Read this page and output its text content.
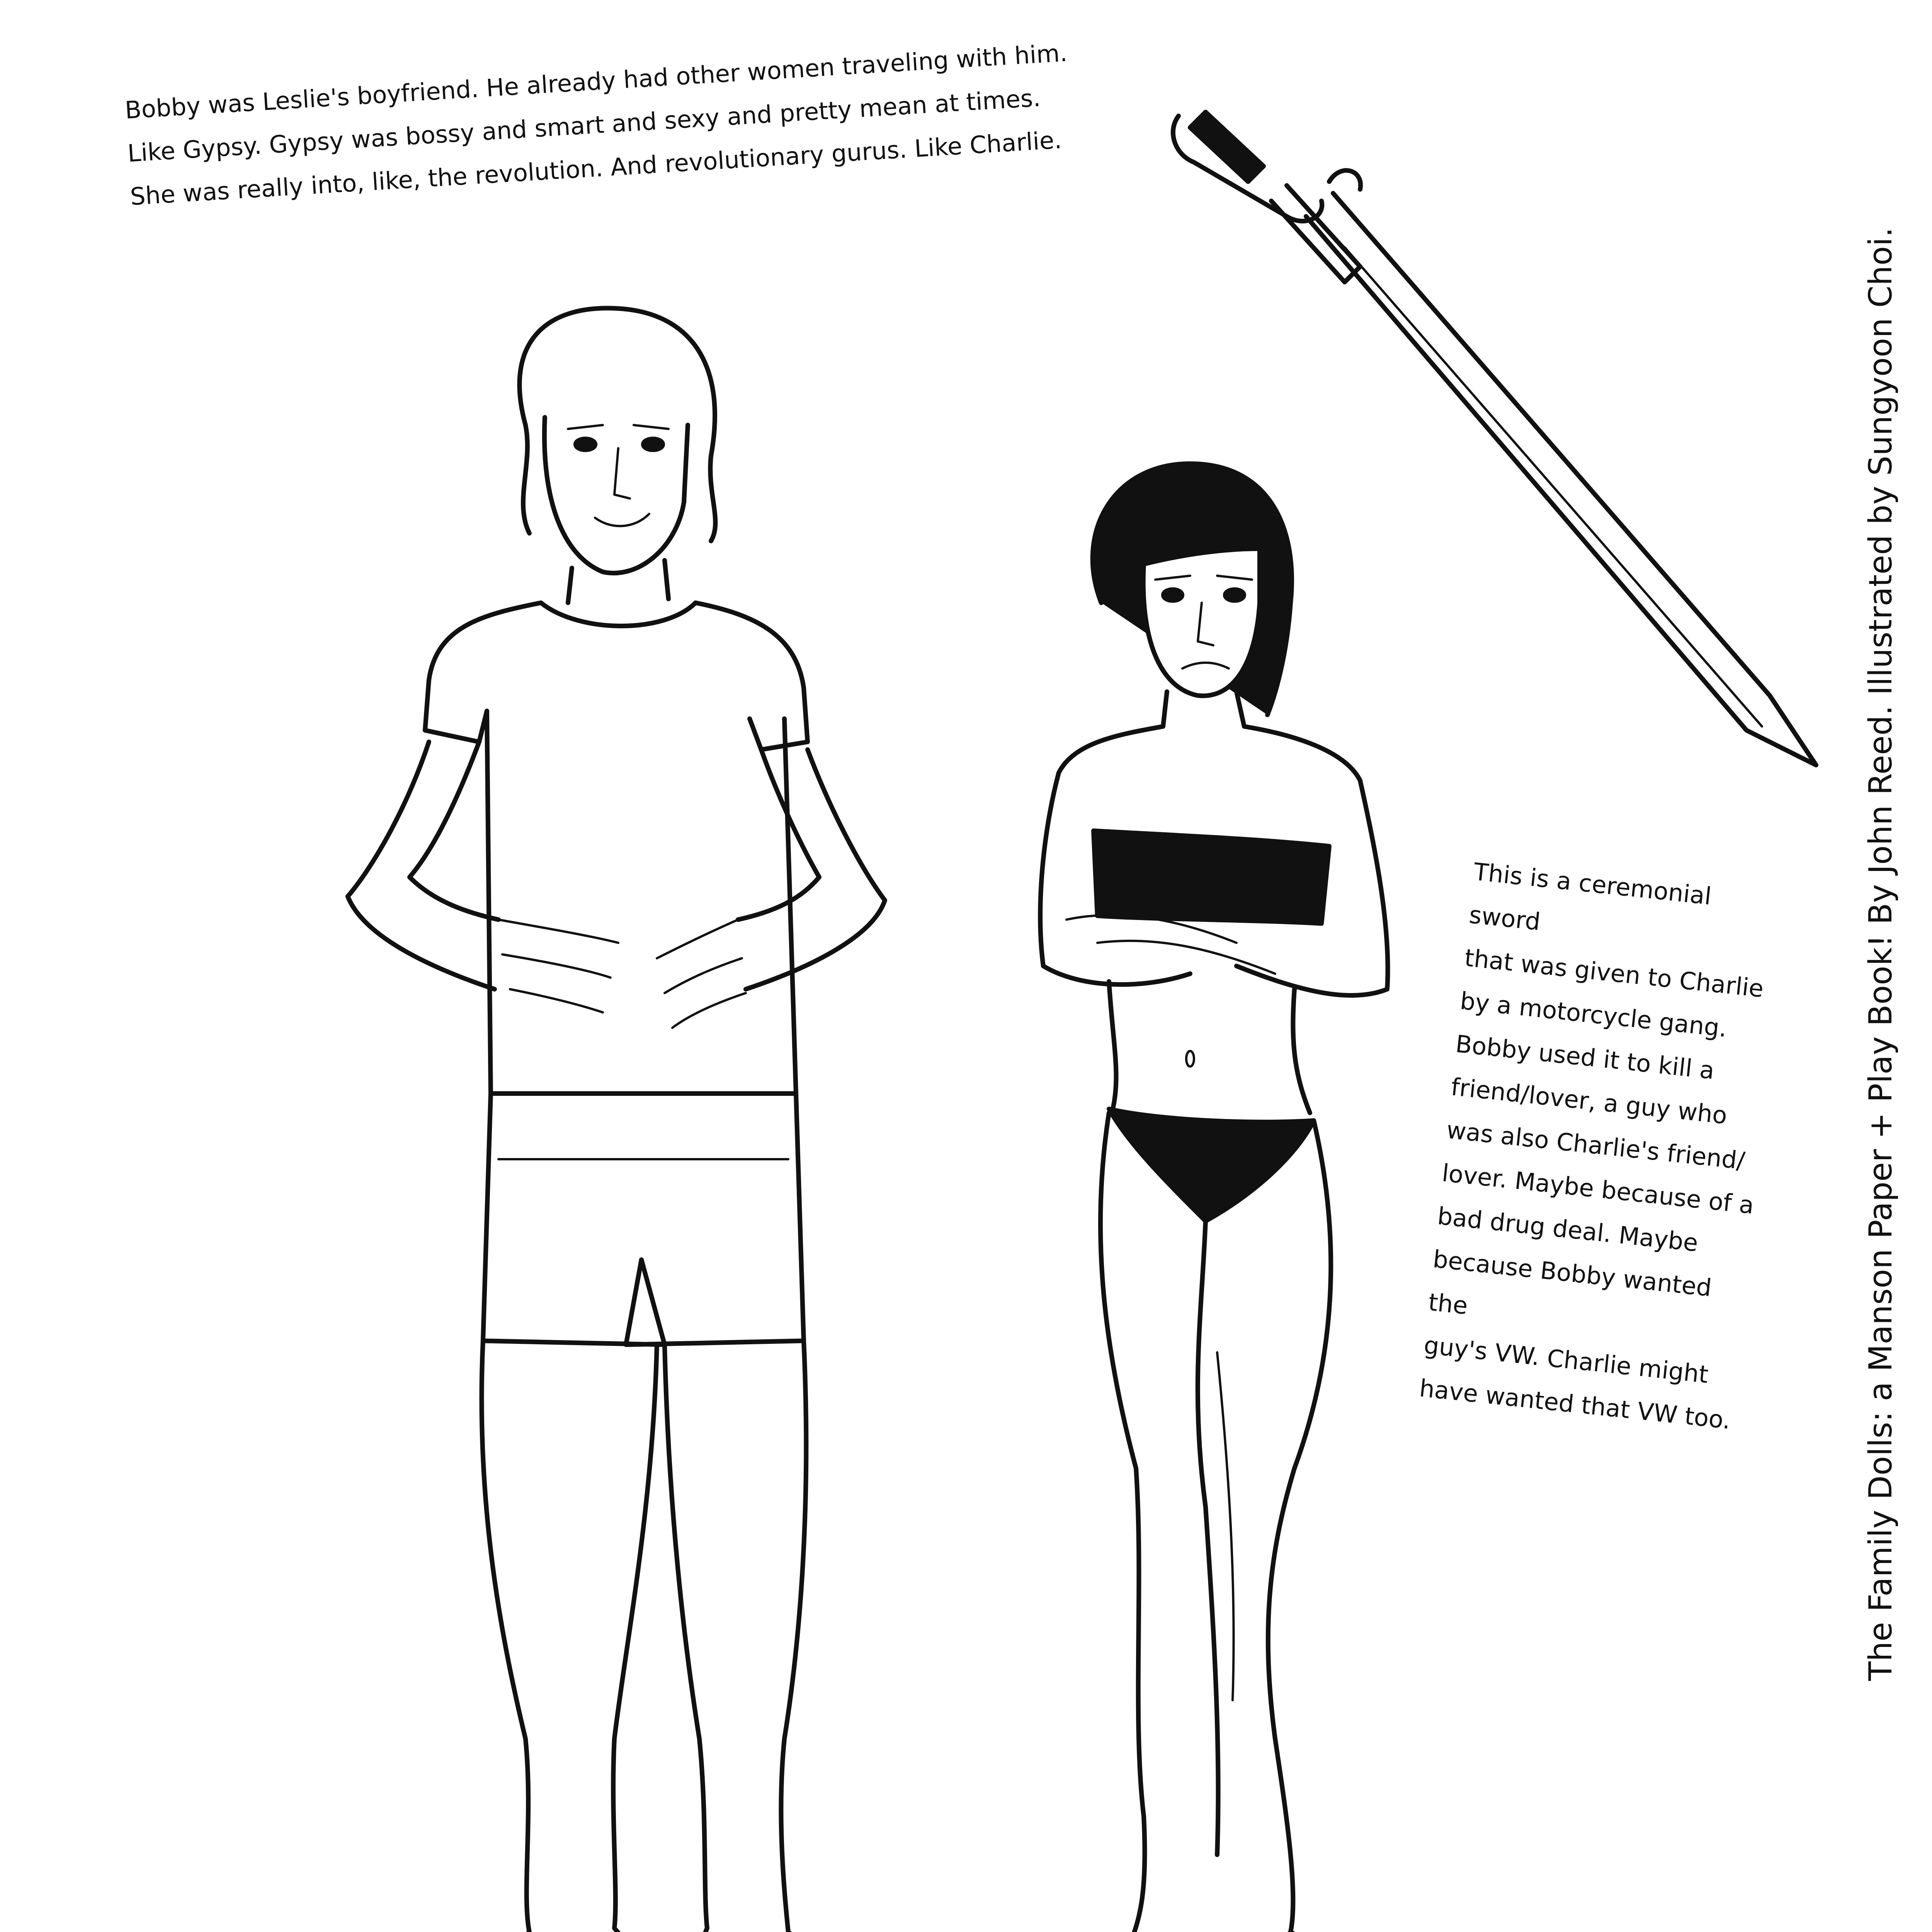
Bobby was Leslie's boyfriend. He already had other women traveling with him.
Like Gypsy. Gypsy was bossy and smart and sexy and pretty mean at times.
She was really into, like, the revolution. And revolutionary gurus. Like Charlie.
This is a ceremonial sword
that was given to Charlie
by a motorcycle gang.
Bobby used it to kill a
friend/lover, a guy who
was also Charlie's friend/
lover. Maybe because of a
bad drug deal. Maybe
because Bobby wanted the
guy's VW. Charlie might
have wanted that VW too.	The Family Dolls: a Manson Paper + Play Book! By John Reed. Illustrated by Sungyoon Choi.
